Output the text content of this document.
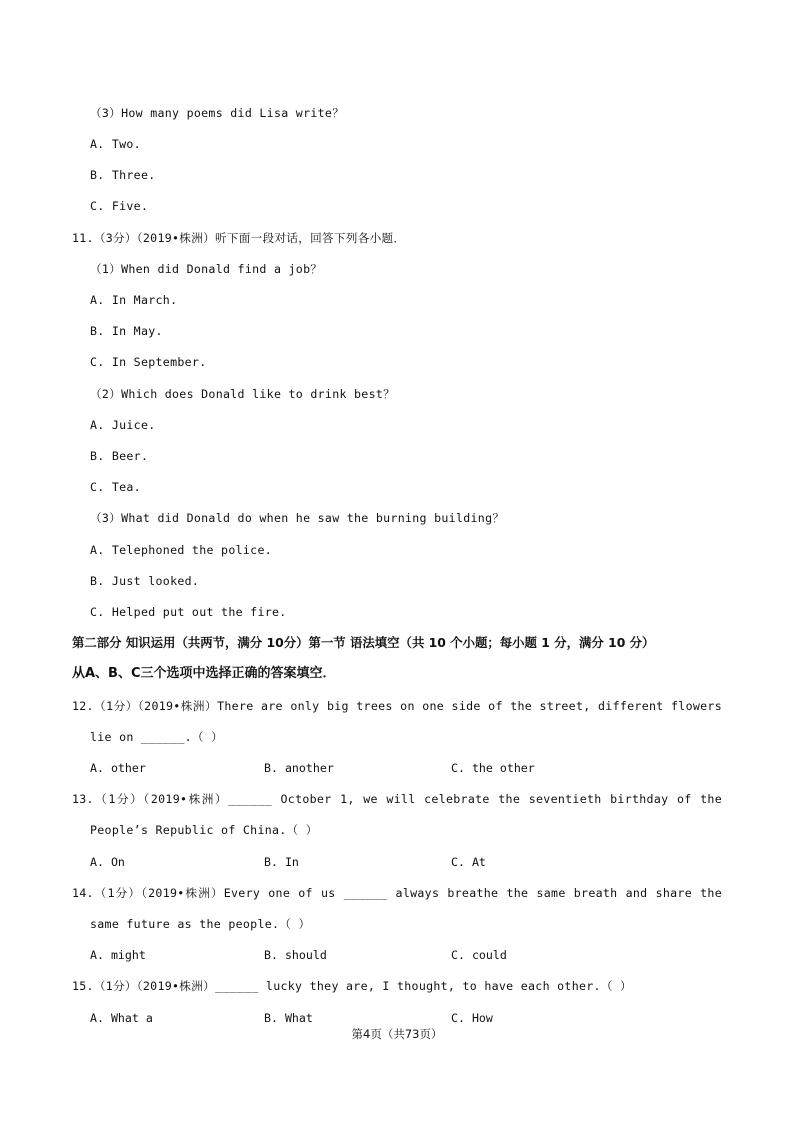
（3）How many poems did Lisa write？
A. Two.
B. Three.
C. Five.
11.（3分）（2019•株洲）听下面一段对话，回答下列各小题．
（1）When did Donald find a job？
A. In March.
B. In May.
C. In September.
（2）Which does Donald like to drink best？
A. Juice.
B. Beer.
C. Tea.
（3）What did Donald do when he saw the burning building？
A. Telephoned the police.
B. Just looked.
C. Helped put out the fire.
第二部分 知识运用（共两节，满分 10分）第一节 语法填空（共 10 个小题；每小题 1 分，满分 10 分）
从A、B、C三个选项中选择正确的答案填空．
12.（1分）（2019•株洲）There are only big trees on one side of the street, different flowers
lie on ______.（ ）
A. other	B. another	C. the other
13.（1分）（2019•株洲）______ October 1, we will celebrate the seventieth birthday of the
People’s Republic of China.（ ）
A. On	B. In	C. At
14.（1分）（2019•株洲）Every one of us ______ always breathe the same breath and share the
same future as the people.（ ）
A. might	B. should	C. could
15.（1分）（2019•株洲）______ lucky they are, I thought, to have each other.（ ）
A. What a	B. What	C. How
第4页（共73页）
